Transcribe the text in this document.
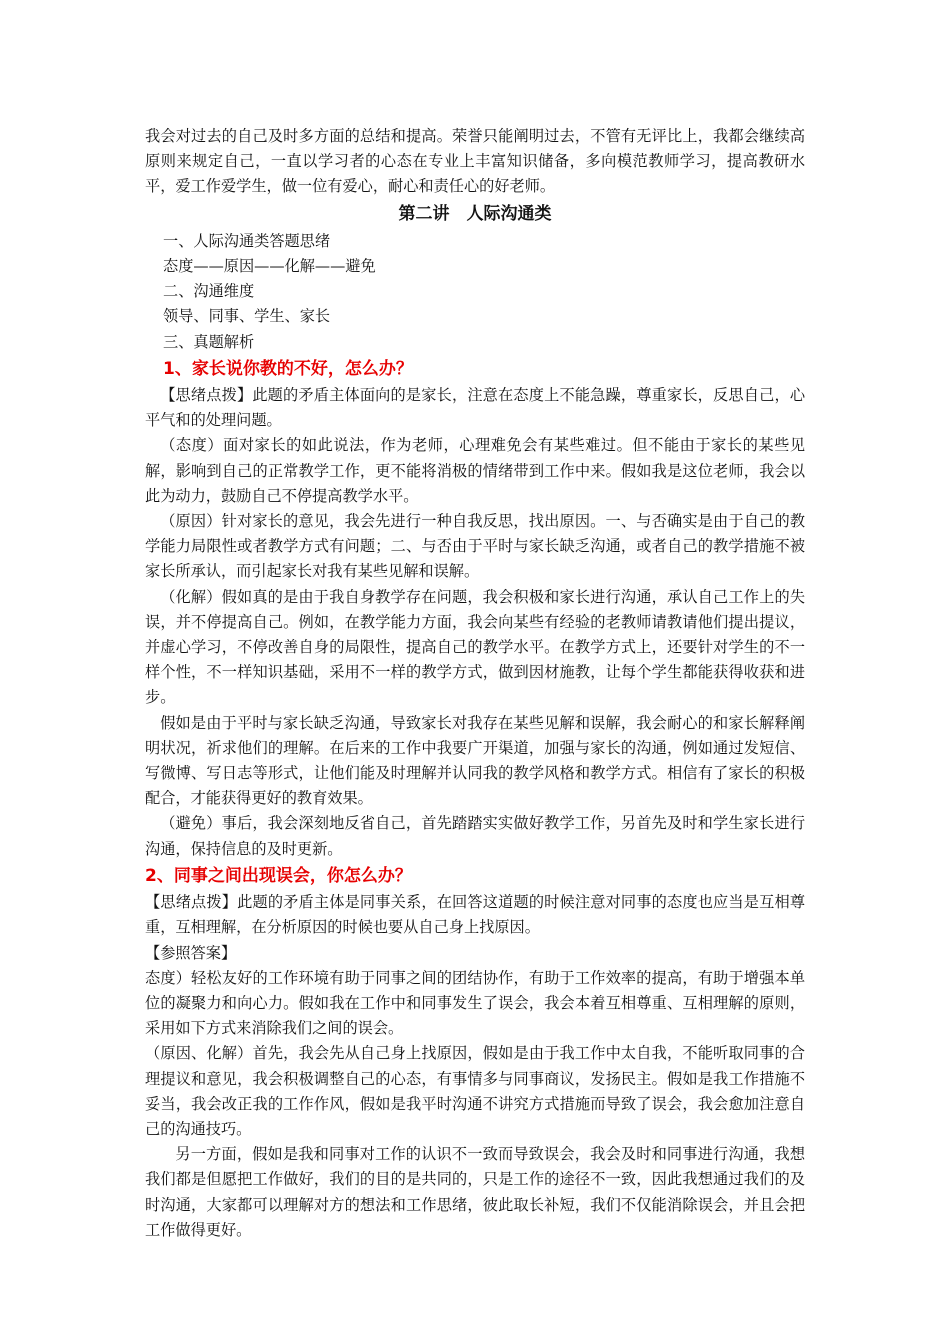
我会对过去的自己及时多方面的总结和提高。荣誉只能阐明过去，不管有无评比上，我都会继续高原则来规定自己，一直以学习者的心态在专业上丰富知识储备，多向模范教师学习，提高教研水平，爱工作爱学生，做一位有爱心，耐心和责任心的好老师。

第二讲　人际沟通类
一、人际沟通类答题思绪
态度——原因——化解——避免
二、沟通维度
领导、同事、学生、家长
三、真题解析
1、家长说你教的不好，怎么办？

【思绪点拨】此题的矛盾主体面向的是家长，注意在态度上不能急躁，尊重家长，反思自己，心平气和的处理问题。

（态度）面对家长的如此说法，作为老师，心理难免会有某些难过。但不能由于家长的某些见解，影响到自己的正常教学工作，更不能将消极的情绪带到工作中来。假如我是这位老师，我会以此为动力，鼓励自己不停提高教学水平。

（原因）针对家长的意见，我会先进行一种自我反思，找出原因。一、与否确实是由于自己的教学能力局限性或者教学方式有问题；二、与否由于平时与家长缺乏沟通，或者自己的教学措施不被家长所承认，而引起家长对我有某些见解和误解。

（化解）假如真的是由于我自身教学存在问题，我会积极和家长进行沟通，承认自己工作上的失误，并不停提高自己。例如，在教学能力方面，我会向某些有经验的老教师请教请他们提出提议，并虚心学习，不停改善自身的局限性，提高自己的教学水平。在教学方式上，还要针对学生的不一样个性，不一样知识基础，采用不一样的教学方式，做到因材施教，让每个学生都能获得收获和进步。

假如是由于平时与家长缺乏沟通，导致家长对我存在某些见解和误解，我会耐心的和家长解释阐明状况，祈求他们的理解。在后来的工作中我要广开渠道，加强与家长的沟通，例如通过发短信、写微博、写日志等形式，让他们能及时理解并认同我的教学风格和教学方式。相信有了家长的积极配合，才能获得更好的教育效果。

（避免）事后，我会深刻地反省自己，首先踏踏实实做好教学工作，另首先及时和学生家长进行沟通，保持信息的及时更新。

2、同事之间出现误会，你怎么办？

【思绪点拨】此题的矛盾主体是同事关系，在回答这道题的时候注意对同事的态度也应当是互相尊重，互相理解，在分析原因的时候也要从自己身上找原因。

【参照答案】

态度）轻松友好的工作环境有助于同事之间的团结协作，有助于工作效率的提高，有助于增强本单位的凝聚力和向心力。假如我在工作中和同事发生了误会，我会本着互相尊重、互相理解的原则，采用如下方式来消除我们之间的误会。

（原因、化解）首先，我会先从自己身上找原因，假如是由于我工作中太自我，不能听取同事的合理提议和意见，我会积极调整自己的心态，有事情多与同事商议，发扬民主。假如是我工作措施不妥当，我会改正我的工作作风，假如是我平时沟通不讲究方式措施而导致了误会，我会愈加注意自己的沟通技巧。

另一方面，假如是我和同事对工作的认识不一致而导致误会，我会及时和同事进行沟通，我想我们都是但愿把工作做好，我们的目的是共同的，只是工作的途径不一致，因此我想通过我们的及时沟通，大家都可以理解对方的想法和工作思绪，彼此取长补短，我们不仅能消除误会，并且会把工作做得更好。
